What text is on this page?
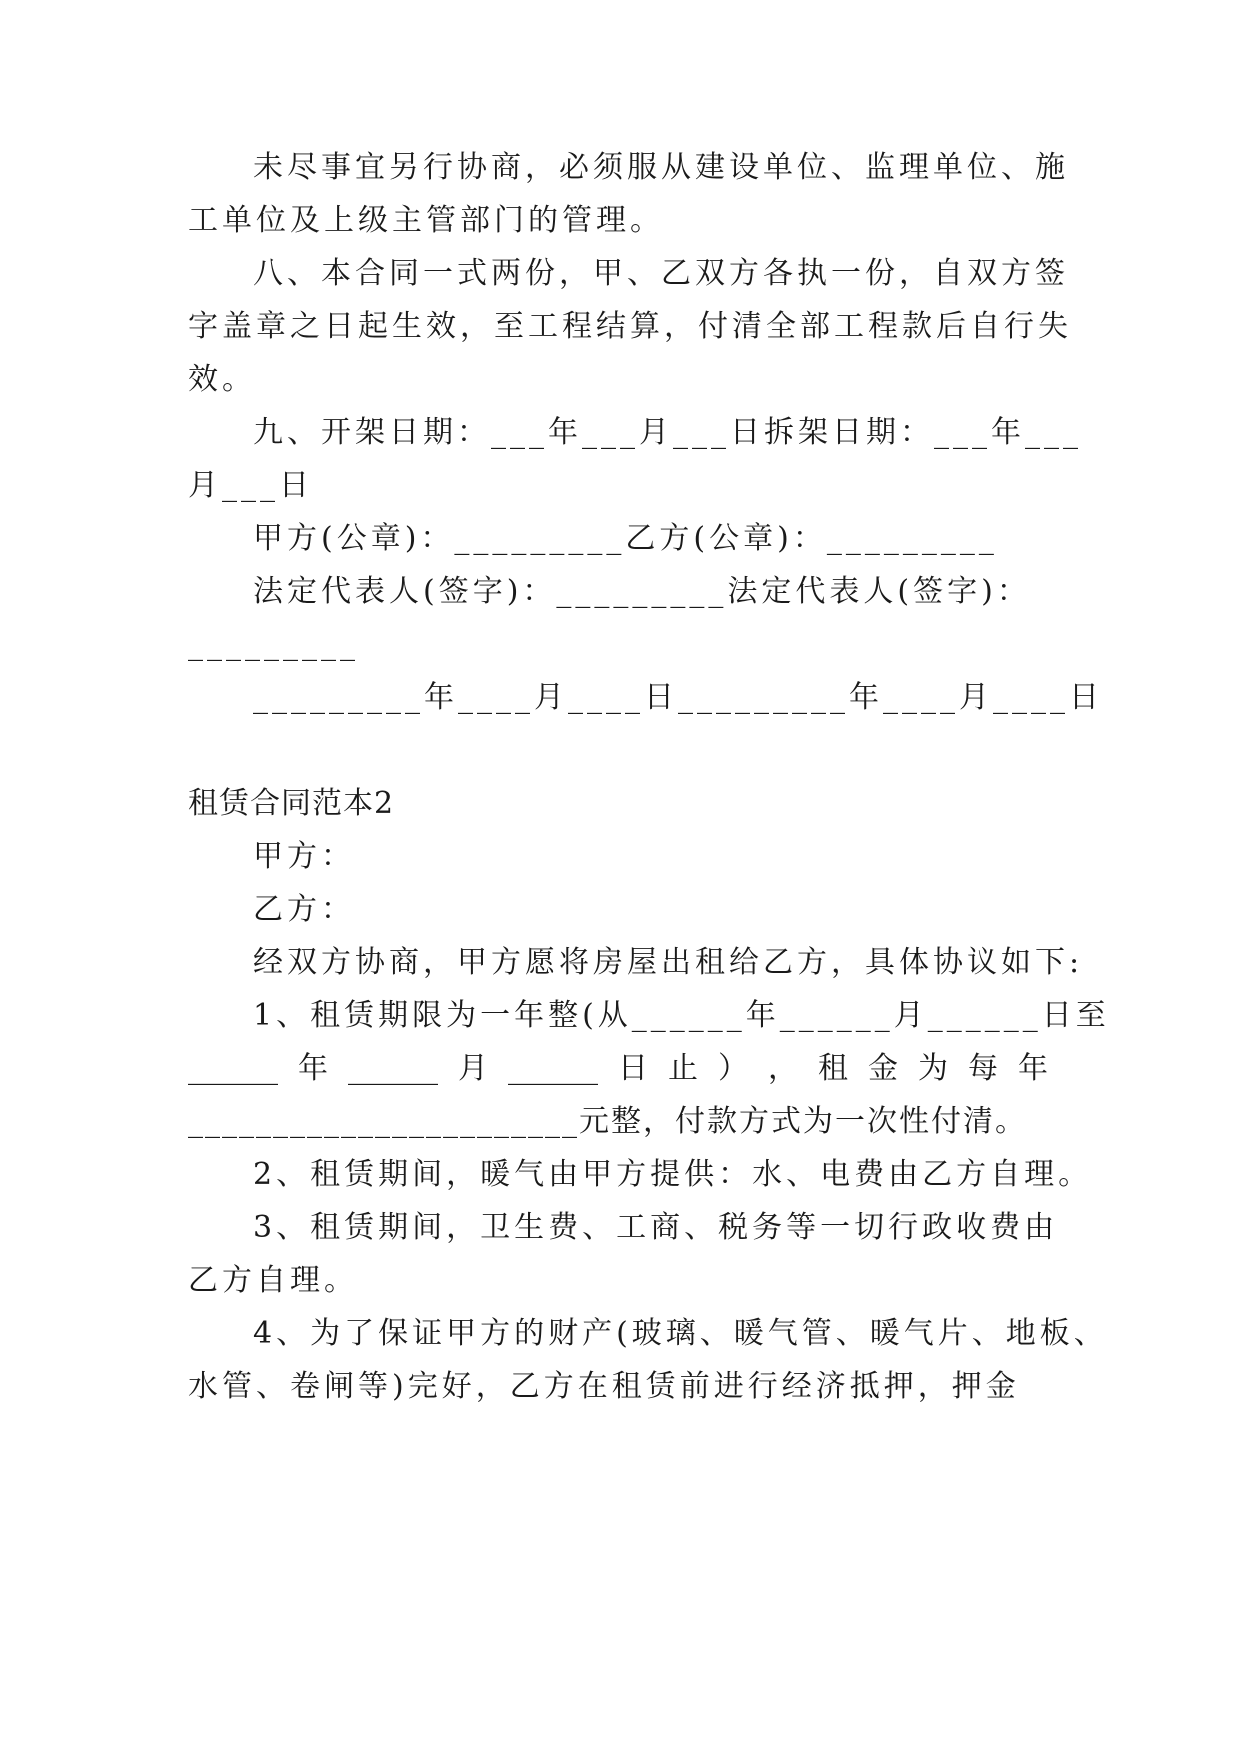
未尽事宜另行协商，必须服从建设单位、监理单位、施
工单位及上级主管部门的管理。
八、本合同一式两份，甲、乙双方各执一份，自双方签
字盖章之日起生效，至工程结算，付清全部工程款后自行失
效。
九、开架日期：___年___月___日拆架日期：___年___
月___日
甲方(公章)：_________乙方(公章)：_________
法定代表人(签字)：_________法定代表人(签字)：
_________
_________年____月____日_________年____月____日
租赁合同范本2
甲方：
乙方：
经双方协商，甲方愿将房屋出租给乙方，具体协议如下:
1、租赁期限为一年整(从______年______月______日至
______ 年 ______ 月 ______ 日 止 ） ， 租 金 为 每 年
_______________________元整，付款方式为一次性付清。
2、租赁期间，暖气由甲方提供：水、电费由乙方自理。
3、租赁期间，卫生费、工商、税务等一切行政收费由
乙方自理。
4、为了保证甲方的财产(玻璃、暖气管、暖气片、地板、
水管、卷闸等)完好，乙方在租赁前进行经济抵押，押金
